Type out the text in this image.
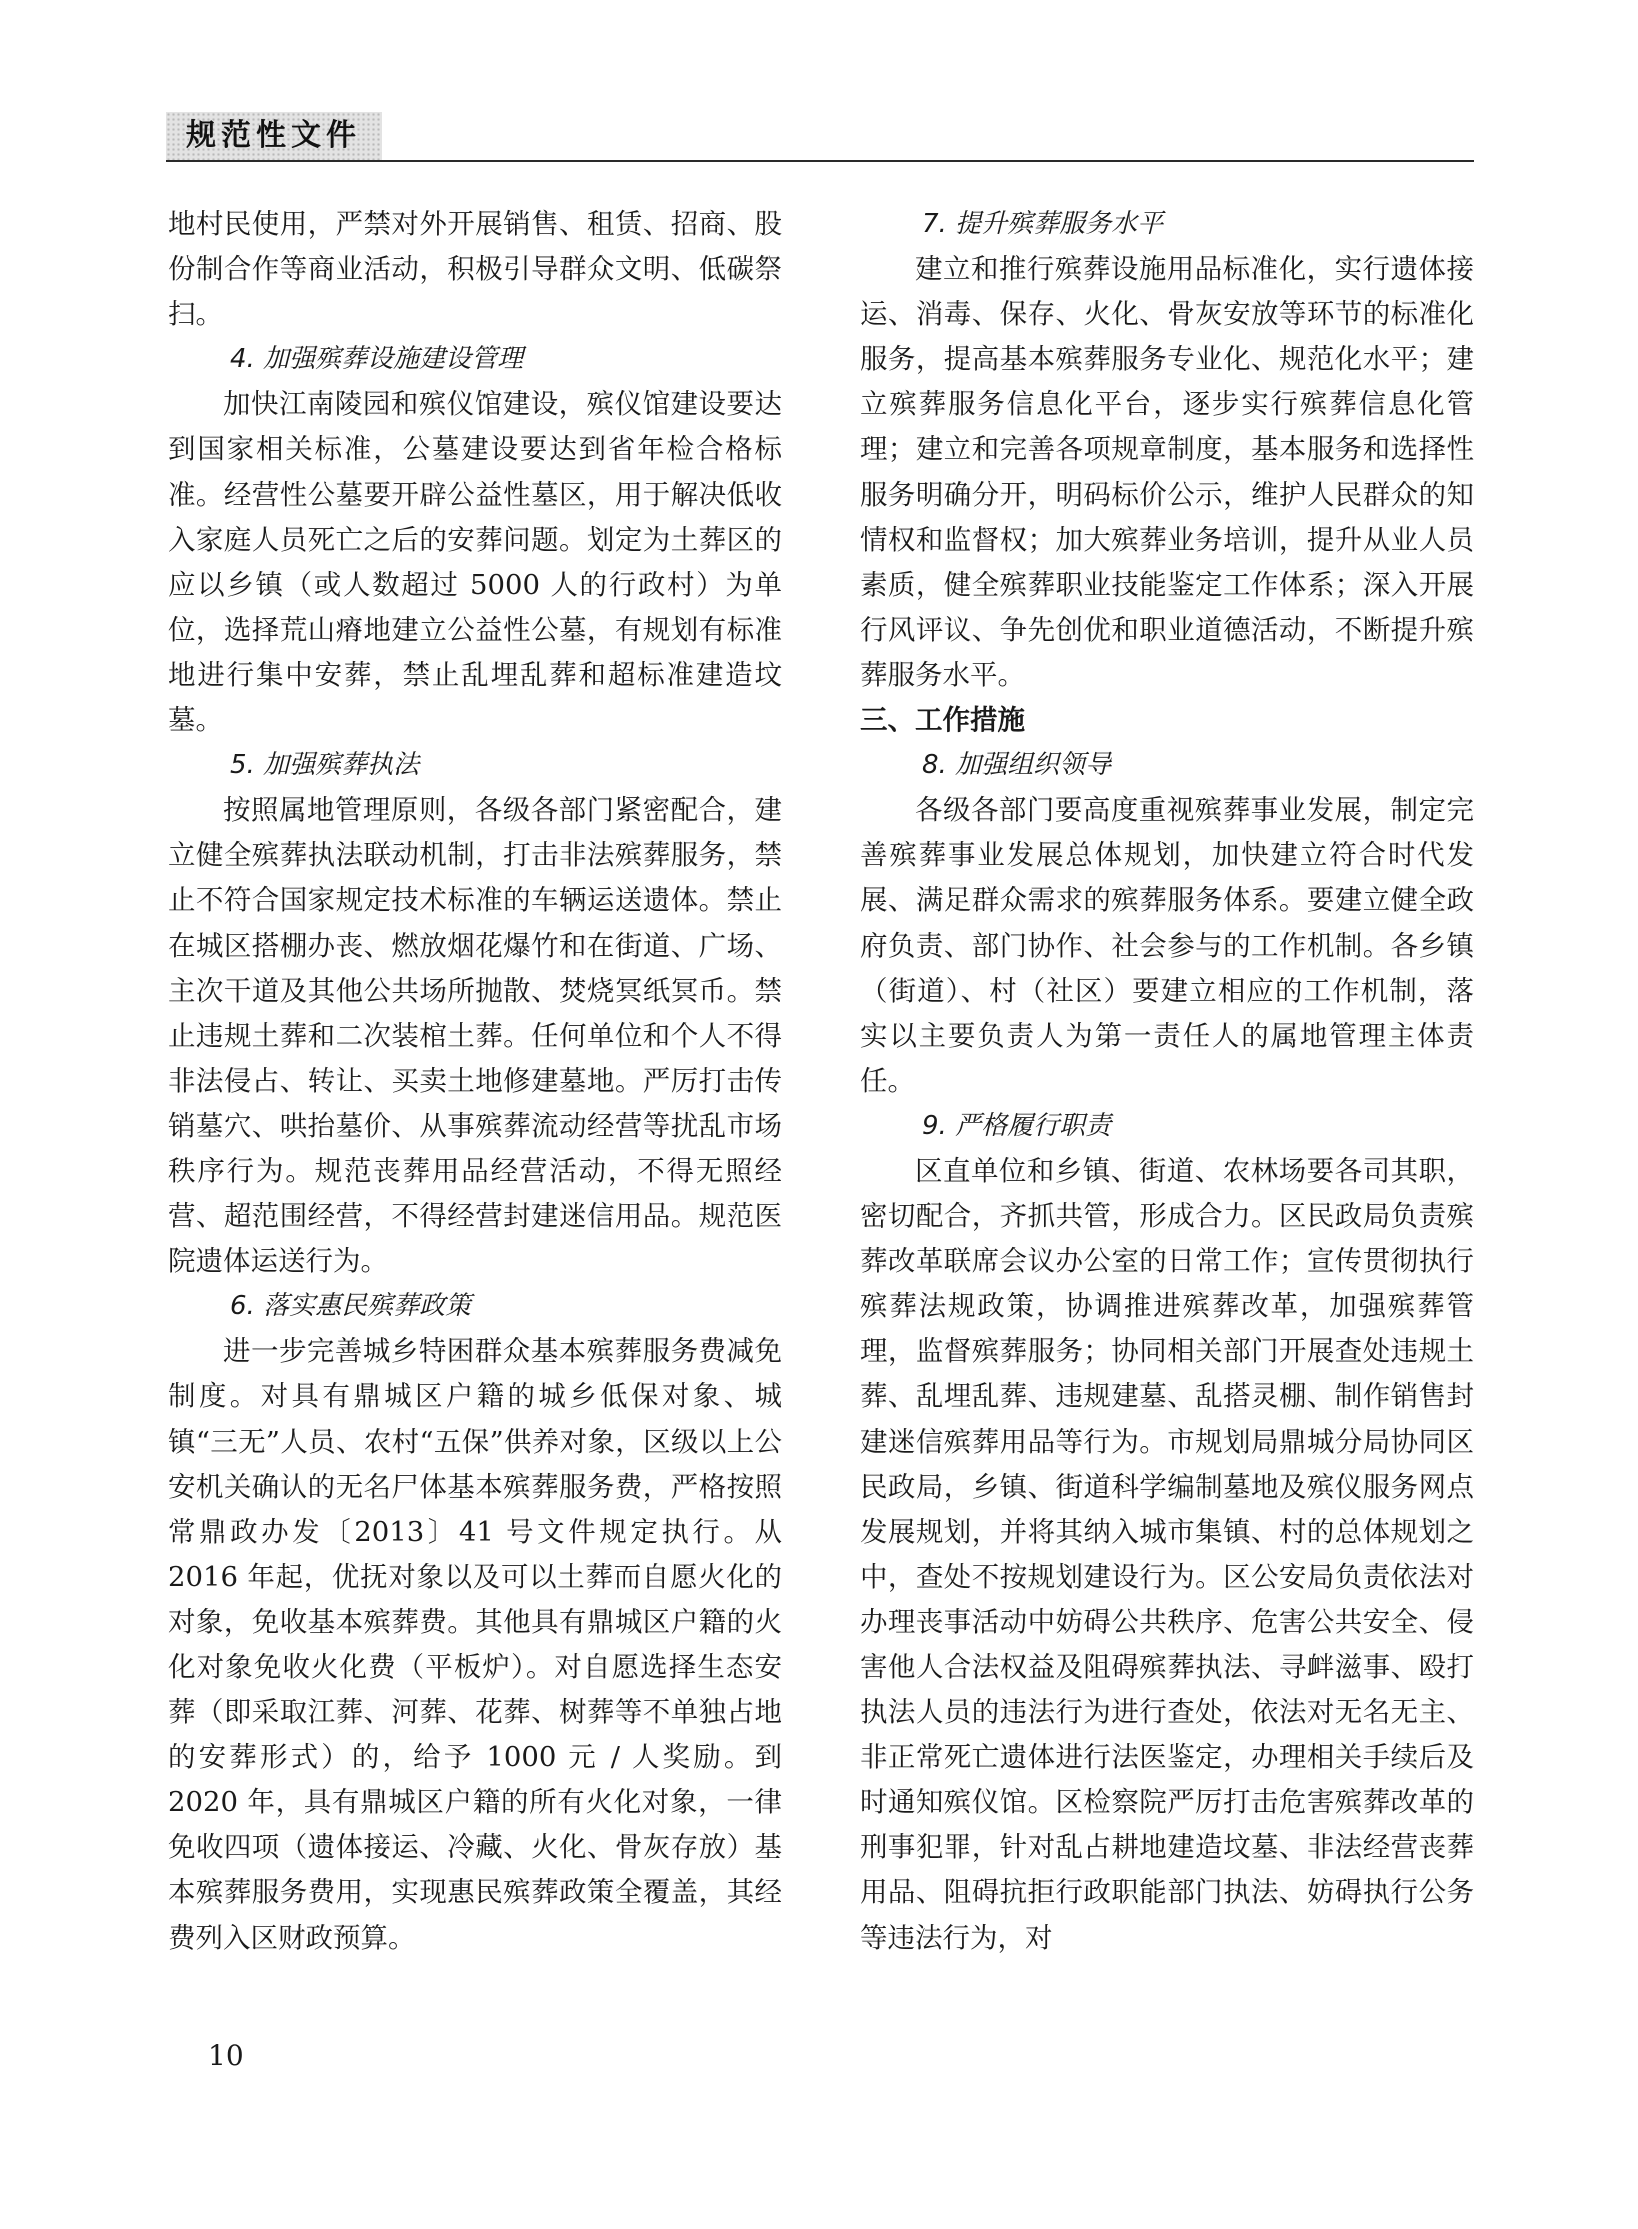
规范性文件

地村民使用，严禁对外开展销售、租赁、招商、股份制合作等商业活动，积极引导群众文明、低碳祭扫。

4. 加强殡葬设施建设管理

加快江南陵园和殡仪馆建设，殡仪馆建设要达到国家相关标准，公墓建设要达到省年检合格标准。经营性公墓要开辟公益性墓区，用于解决低收入家庭人员死亡之后的安葬问题。划定为土葬区的应以乡镇（或人数超过 5000 人的行政村）为单位，选择荒山瘠地建立公益性公墓，有规划有标准地进行集中安葬，禁止乱埋乱葬和超标准建造坟墓。

5. 加强殡葬执法

按照属地管理原则，各级各部门紧密配合，建立健全殡葬执法联动机制，打击非法殡葬服务，禁止不符合国家规定技术标准的车辆运送遗体。禁止在城区搭棚办丧、燃放烟花爆竹和在街道、广场、主次干道及其他公共场所抛散、焚烧冥纸冥币。禁止违规土葬和二次装棺土葬。任何单位和个人不得非法侵占、转让、买卖土地修建墓地。严厉打击传销墓穴、哄抬墓价、从事殡葬流动经营等扰乱市场秩序行为。规范丧葬用品经营活动，不得无照经营、超范围经营，不得经营封建迷信用品。规范医院遗体运送行为。

6. 落实惠民殡葬政策

进一步完善城乡特困群众基本殡葬服务费减免制度。对具有鼎城区户籍的城乡低保对象、城镇“三无”人员、农村“五保”供养对象，区级以上公安机关确认的无名尸体基本殡葬服务费，严格按照常鼎政办发〔2013〕41 号文件规定执行。从 2016 年起，优抚对象以及可以土葬而自愿火化的对象，免收基本殡葬费。其他具有鼎城区户籍的火化对象免收火化费（平板炉）。对自愿选择生态安葬（即采取江葬、河葬、花葬、树葬等不单独占地的安葬形式）的，给予 1000 元 / 人奖励。到 2020 年，具有鼎城区户籍的所有火化对象，一律免收四项（遗体接运、冷藏、火化、骨灰存放）基本殡葬服务费用，实现惠民殡葬政策全覆盖，其经费列入区财政预算。

7. 提升殡葬服务水平

建立和推行殡葬设施用品标准化，实行遗体接运、消毒、保存、火化、骨灰安放等环节的标准化服务，提高基本殡葬服务专业化、规范化水平；建立殡葬服务信息化平台，逐步实行殡葬信息化管理；建立和完善各项规章制度，基本服务和选择性服务明确分开，明码标价公示，维护人民群众的知情权和监督权；加大殡葬业务培训，提升从业人员素质，健全殡葬职业技能鉴定工作体系；深入开展行风评议、争先创优和职业道德活动，不断提升殡葬服务水平。

三、工作措施

8. 加强组织领导

各级各部门要高度重视殡葬事业发展，制定完善殡葬事业发展总体规划，加快建立符合时代发展、满足群众需求的殡葬服务体系。要建立健全政府负责、部门协作、社会参与的工作机制。各乡镇（街道）、村（社区）要建立相应的工作机制，落实以主要负责人为第一责任人的属地管理主体责任。

9. 严格履行职责

区直单位和乡镇、街道、农林场要各司其职，密切配合，齐抓共管，形成合力。区民政局负责殡葬改革联席会议办公室的日常工作；宣传贯彻执行殡葬法规政策，协调推进殡葬改革，加强殡葬管理，监督殡葬服务；协同相关部门开展查处违规土葬、乱埋乱葬、违规建墓、乱搭灵棚、制作销售封建迷信殡葬用品等行为。市规划局鼎城分局协同区民政局，乡镇、街道科学编制墓地及殡仪服务网点发展规划，并将其纳入城市集镇、村的总体规划之中，查处不按规划建设行为。区公安局负责依法对办理丧事活动中妨碍公共秩序、危害公共安全、侵害他人合法权益及阻碍殡葬执法、寻衅滋事、殴打执法人员的违法行为进行查处，依法对无名无主、非正常死亡遗体进行法医鉴定，办理相关手续后及时通知殡仪馆。区检察院严厉打击危害殡葬改革的刑事犯罪，针对乱占耕地建造坟墓、非法经营丧葬用品、阻碍抗拒行政职能部门执法、妨碍执行公务等违法行为，对

10
